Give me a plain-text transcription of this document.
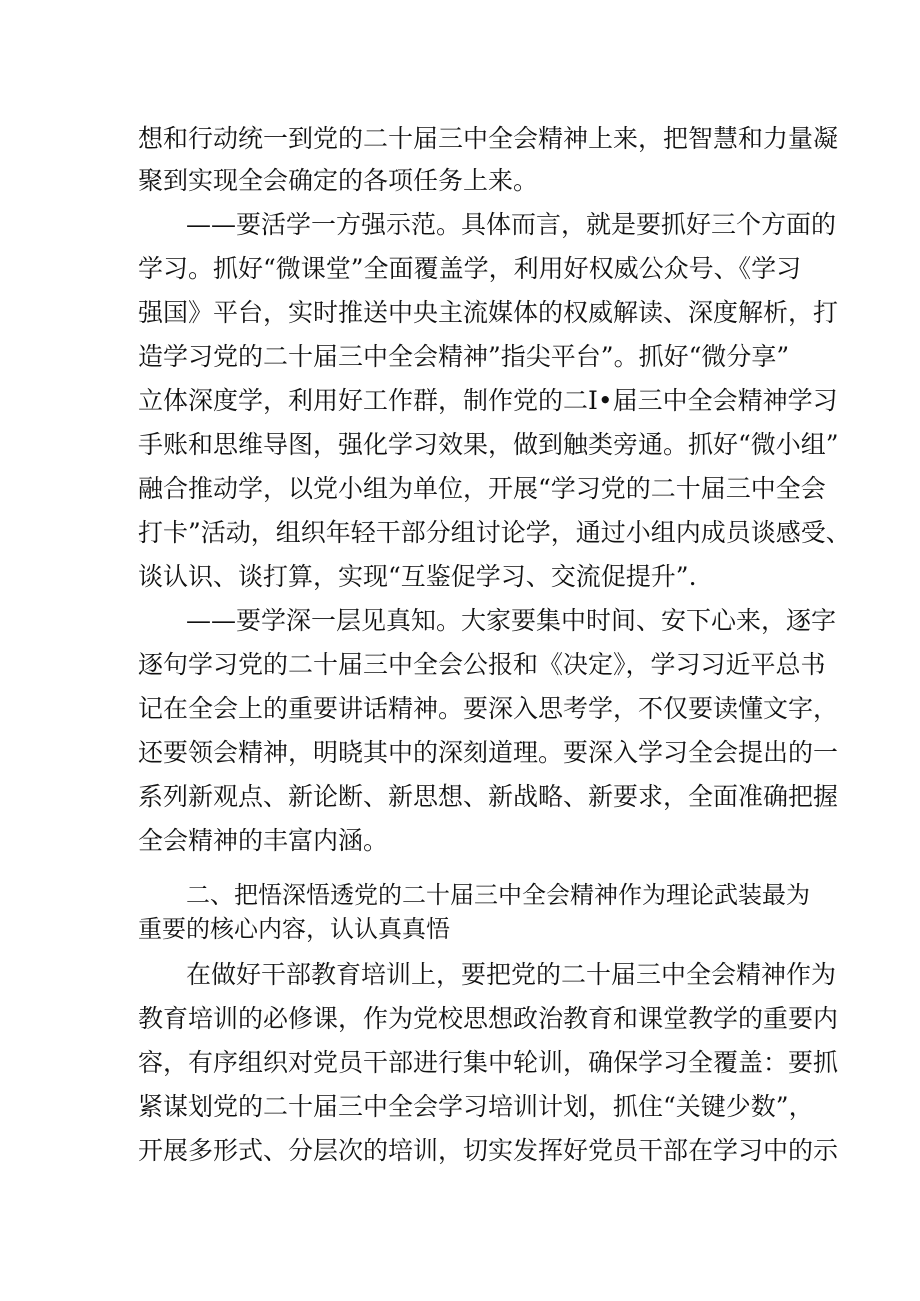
想和行动统一到党的二十届三中全会精神上来，把智慧和力量凝
聚到实现全会确定的各项任务上来。
——要活学一方强示范。具体而言，就是要抓好三个方面的
学习。抓好“微课堂”全面覆盖学，利用好权威公众号、《学习
强国》平台，实时推送中央主流媒体的权威解读、深度解析，打
造学习党的二十届三中全会精神”指尖平台”。抓好“微分享”
立体深度学，利用好工作群，制作党的二I•届三中全会精神学习
手账和思维导图，强化学习效果，做到触类旁通。抓好“微小组”
融合推动学，以党小组为单位，开展“学习党的二十届三中全会
打卡”活动，组织年轻干部分组讨论学，通过小组内成员谈感受、
谈认识、谈打算，实现“互鉴促学习、交流促提升”.
——要学深一层见真知。大家要集中时间、安下心来，逐字
逐句学习党的二十届三中全会公报和《决定》，学习习近平总书
记在全会上的重要讲话精神。要深入思考学，不仅要读懂文字，
还要领会精神，明晓其中的深刻道理。要深入学习全会提出的一
系列新观点、新论断、新思想、新战略、新要求，全面准确把握
全会精神的丰富内涵。
二、把悟深悟透党的二十届三中全会精神作为理论武装最为
重要的核心内容，认认真真悟
在做好干部教育培训上，要把党的二十届三中全会精神作为
教育培训的必修课，作为党校思想政治教育和课堂教学的重要内
容，有序组织对党员干部进行集中轮训，确保学习全覆盖：要抓
紧谋划党的二十届三中全会学习培训计划，抓住“关键少数”，
开展多形式、分层次的培训，切实发挥好党员干部在学习中的示
